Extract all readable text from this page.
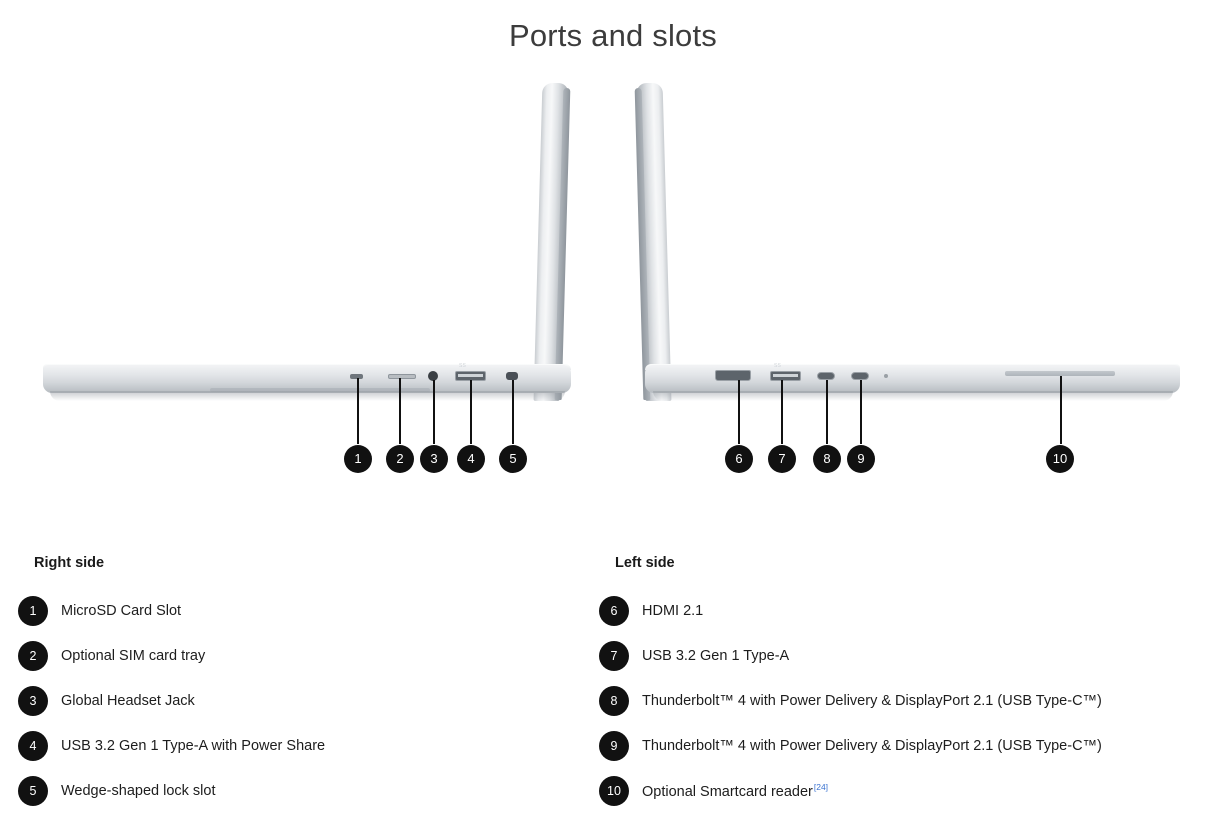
Ports and slots
SS	SS
1	2	3	4	5	6	7	8	9	10
Right side
1	MicroSD Card Slot
2	Optional SIM card tray
3	Global Headset Jack
4	USB 3.2 Gen 1 Type-A with Power Share
5	Wedge-shaped lock slot
Left side
6	HDMI 2.1
7	USB 3.2 Gen 1 Type-A
8	Thunderbolt™ 4 with Power Delivery & DisplayPort 2.1 (USB Type-C™)
9	Thunderbolt™ 4 with Power Delivery & DisplayPort 2.1 (USB Type-C™)
10	Optional Smartcard reader[24]
